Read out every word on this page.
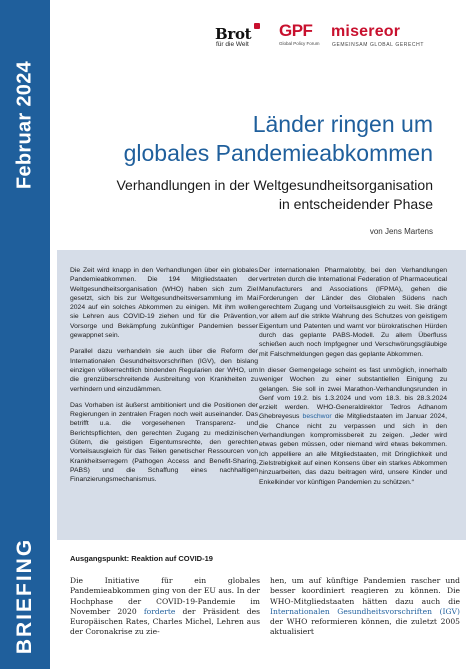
Februar 2024
BRIEFING
Brot
für die Welt
GPF
Global Policy Forum
misereor
GEMEINSAM GLOBAL GERECHT
Länder ringen um
globales Pandemieabkommen
Verhandlungen in der Weltgesundheitsorganisation
in entscheidender Phase
von Jens Martens

Die Zeit wird knapp in den Verhandlungen über ein globales Pandemieabkommen. Die 194 Mitgliedstaaten der Weltgesundheitsorganisation (WHO) haben sich zum Ziel gesetzt, sich bis zur Weltgesundheitsversammlung im Mai 2024 auf ein solches Abkommen zu einigen. Mit ihm wollen sie Lehren aus COVID-19 ziehen und für die Prävention, Vorsorge und Bekämpfung zukünftiger Pandemien besser gewappnet sein.

Parallel dazu verhandeln sie auch über die Reform der Internationalen Gesundheitsvorschriften (IGV), den bislang einzigen völkerrechtlich bindenden Regularien der WHO, um die grenzüberschreitende Ausbreitung von Krankheiten zu verhindern und einzudämmen.

Das Vorhaben ist äußerst ambitioniert und die Positionen der Regierungen in zentralen Fragen noch weit auseinander. Das betrifft u.a. die vorgesehenen Transparenz- und Berichtspflichten, den gerechten Zugang zu medizinischen Gütern, die geistigen Eigentumsrechte, den gerechten Vorteilsausgleich für das Teilen genetischer Ressourcen von Krankheitserregern (Pathogen Access and Benefit-Sharing, PABS) und die Schaffung eines nachhaltigen Finanzierungsmechanismus.

Der internationalen Pharmalobby, bei den Verhandlungen vertreten durch die International Federation of Pharmaceutical Manufacturers and Associations (IFPMA), gehen die Forderungen der Länder des Globalen Südens nach gerechtem Zugang und Vorteilsausgleich zu weit. Sie drängt vor allem auf die strikte Wahrung des Schutzes von geistigem Eigentum und Patenten und warnt vor bürokratischen Hürden durch das geplante PABS-Modell. Zu allem Überfluss schießen auch noch Impfgegner und Verschwörungsgläubige mit Falschmeldungen gegen das geplante Abkommen.

In dieser Gemengelage scheint es fast unmöglich, innerhalb weniger Wochen zu einer substantiellen Einigung zu gelangen. Sie soll in zwei Marathon-Verhandlungsrunden in Genf vom 19.2. bis 1.3.2024 und vom 18.3. bis 28.3.2024 erzielt werden. WHO-Generaldirektor Tedros Adhanom Ghebreyesus beschwor die Mitgliedstaaten im Januar 2024, die Chance nicht zu verpassen und sich in den Verhandlungen kompromissbereit zu zeigen. „Jeder wird etwas geben müssen, oder niemand wird etwas bekommen. Ich appelliere an alle Mitgliedstaaten, mit Dringlichkeit und Zielstrebigkeit auf einen Konsens über ein starkes Abkommen hinzuarbeiten, das dazu beitragen wird, unsere Kinder und Enkelkinder vor künftigen Pandemien zu schützen.“

Ausgangspunkt: Reaktion auf COVID-19
Die Initiative für ein globales Pandemieabkommen ging von der EU aus. In der Hochphase der COVID-19-Pandemie im November 2020 forderte der Präsident des Europäischen Rates, Charles Michel, Lehren aus der Coronakrise zu zie-
hen, um auf künftige Pandemien rascher und besser koordiniert reagieren zu können. Die WHO-Mitgliedstaaten hätten dazu auch die Internationalen Gesundheitsvorschriften (IGV) der WHO reformieren können, die zuletzt 2005 aktualisiert
